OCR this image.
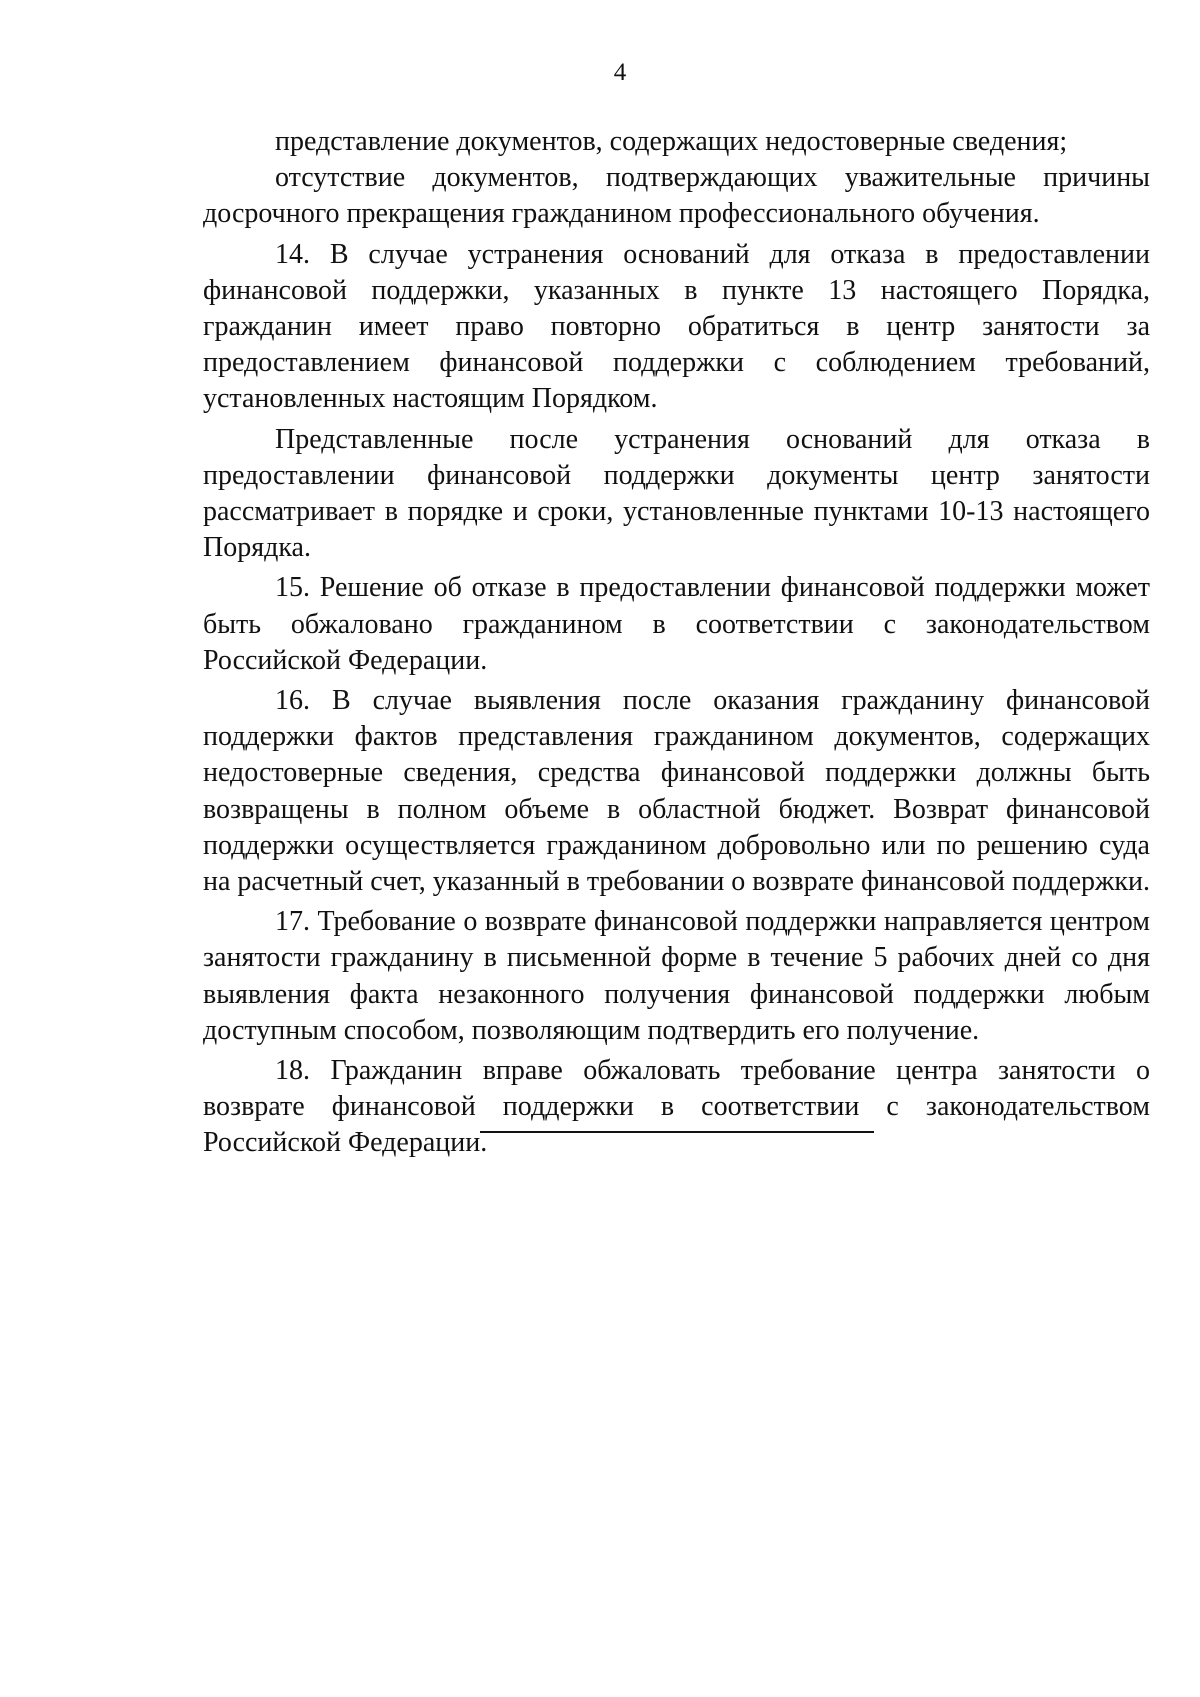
4

представление документов, содержащих недостоверные сведения;

отсутствие документов, подтверждающих уважительные причины досрочного прекращения гражданином профессионального обучения.

14. В случае устранения оснований для отказа в предоставлении финансовой поддержки, указанных в пункте 13 настоящего Порядка, гражданин имеет право повторно обратиться в центр занятости за предоставлением финансовой поддержки с соблюдением требований, установленных настоящим Порядком.

Представленные после устранения оснований для отказа в предоставлении финансовой поддержки документы центр занятости рассматривает в порядке и сроки, установленные пунктами 10-13 настоящего Порядка.

15. Решение об отказе в предоставлении финансовой поддержки может быть обжаловано гражданином в соответствии с законодательством Российской Федерации.

16. В случае выявления после оказания гражданину финансовой поддержки фактов представления гражданином документов, содержащих недостоверные сведения, средства финансовой поддержки должны быть возвращены в полном объеме в областной бюджет. Возврат финансовой поддержки осуществляется гражданином добровольно или по решению суда на расчетный счет, указанный в требовании о возврате финансовой поддержки.

17. Требование о возврате финансовой поддержки направляется центром занятости гражданину в письменной форме в течение 5 рабочих дней со дня выявления факта незаконного получения финансовой поддержки любым доступным способом, позволяющим подтвердить его получение.

18. Гражданин вправе обжаловать требование центра занятости о возврате финансовой поддержки в соответствии с законодательством Российской Федерации.
